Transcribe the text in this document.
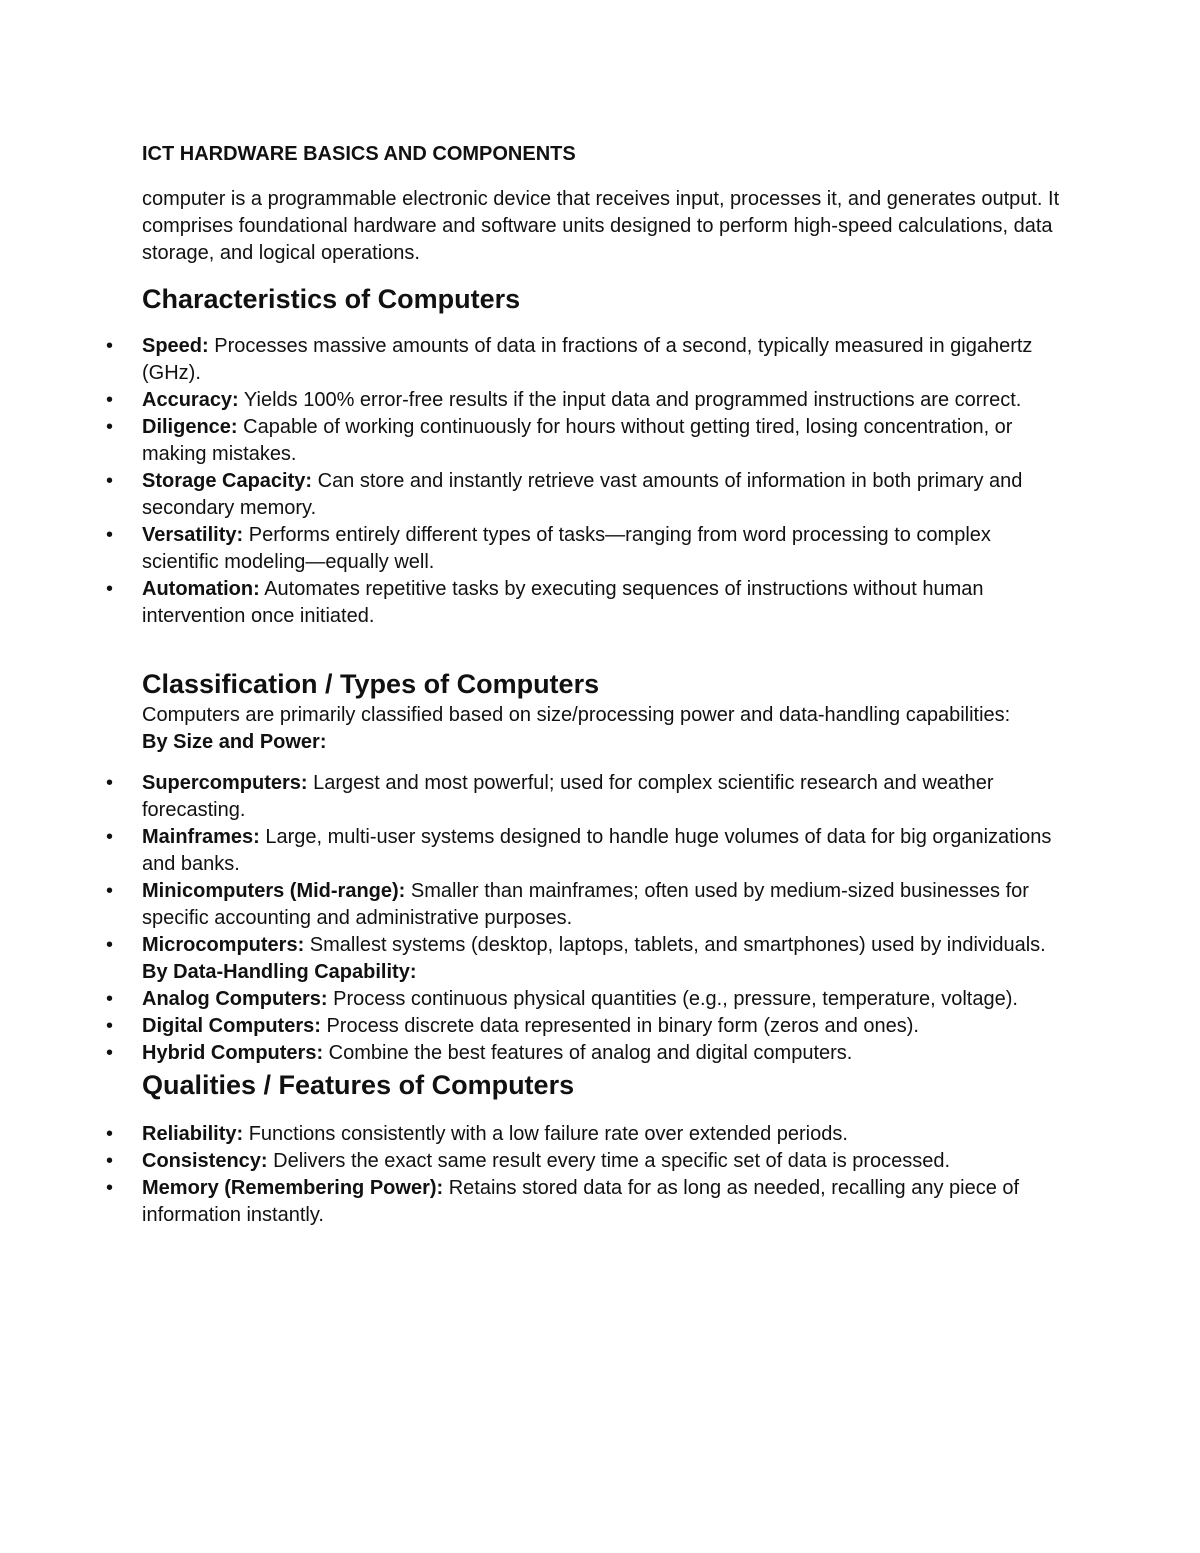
ICT HARDWARE BASICS AND COMPONENTS

computer is a programmable electronic device that receives input, processes it, and generates output. It comprises foundational hardware and software units designed to perform high-speed calculations, data storage, and logical operations.

Characteristics of Computers
• Speed: Processes massive amounts of data in fractions of a second, typically measured in gigahertz (GHz).
• Accuracy: Yields 100% error-free results if the input data and programmed instructions are correct.
• Diligence: Capable of working continuously for hours without getting tired, losing concentration, or making mistakes.
• Storage Capacity: Can store and instantly retrieve vast amounts of information in both primary and secondary memory.
• Versatility: Performs entirely different types of tasks—ranging from word processing to complex scientific modeling—equally well.
• Automation: Automates repetitive tasks by executing sequences of instructions without human intervention once initiated.
Classification / Types of Computers

Computers are primarily classified based on size/processing power and data-handling capabilities:

By Size and Power:

• Supercomputers: Largest and most powerful; used for complex scientific research and weather forecasting.
• Mainframes: Large, multi-user systems designed to handle huge volumes of data for big organizations and banks.
• Minicomputers (Mid-range): Smaller than mainframes; often used by medium-sized businesses for specific accounting and administrative purposes.
• Microcomputers: Smallest systems (desktop, laptops, tablets, and smartphones) used by individuals. By Data-Handling Capability:
• Analog Computers: Process continuous physical quantities (e.g., pressure, temperature, voltage).
• Digital Computers: Process discrete data represented in binary form (zeros and ones).
• Hybrid Computers: Combine the best features of analog and digital computers.
Qualities / Features of Computers
• Reliability: Functions consistently with a low failure rate over extended periods.
• Consistency: Delivers the exact same result every time a specific set of data is processed.
• Memory (Remembering Power): Retains stored data for as long as needed, recalling any piece of information instantly.
